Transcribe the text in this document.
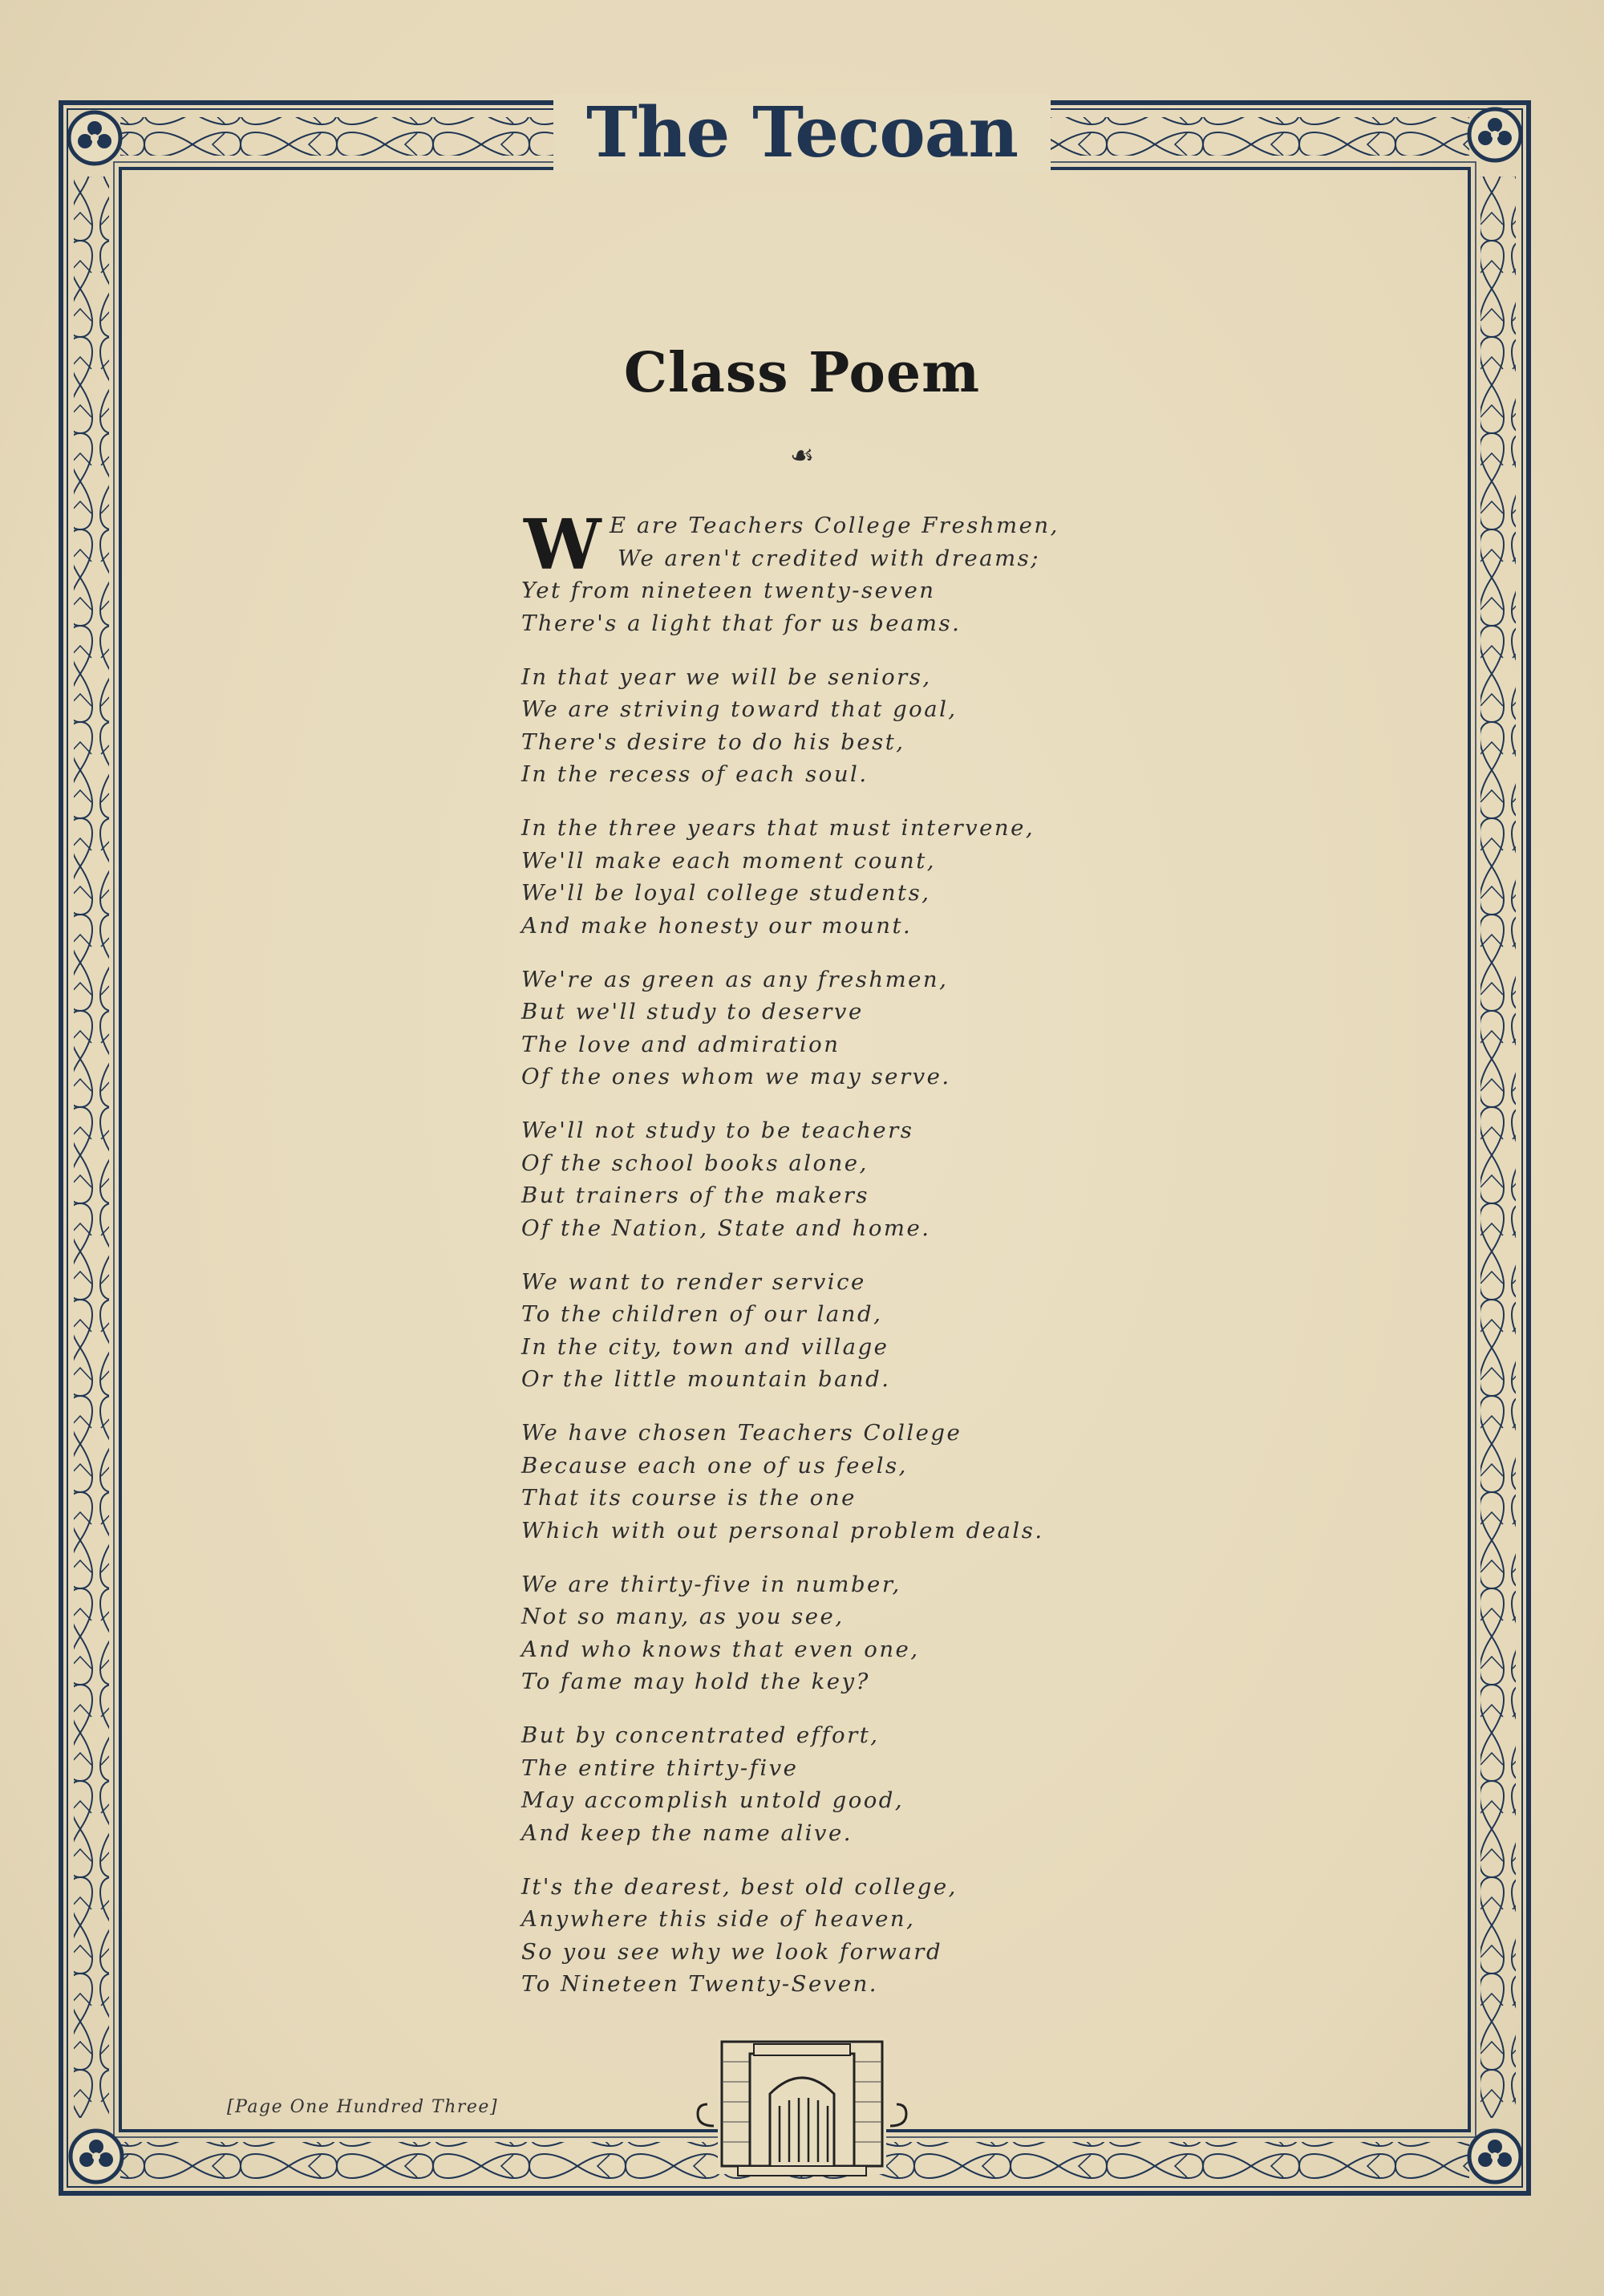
The Tecoan
Class Poem
☙
W E are Teachers College Freshmen,
We aren't credited with dreams;
Yet from nineteen twenty-seven
There's a light that for us beams.
In that year we will be seniors,
We are striving toward that goal,
There's desire to do his best,
In the recess of each soul.
In the three years that must intervene,
We'll make each moment count,
We'll be loyal college students,
And make honesty our mount.
We're as green as any freshmen,
But we'll study to deserve
The love and admiration
Of the ones whom we may serve.
We'll not study to be teachers
Of the school books alone,
But trainers of the makers
Of the Nation, State and home.
We want to render service
To the children of our land,
In the city, town and village
Or the little mountain band.
We have chosen Teachers College
Because each one of us feels,
That its course is the one
Which with out personal problem deals.
We are thirty-five in number,
Not so many, as you see,
And who knows that even one,
To fame may hold the key?
But by concentrated effort,
The entire thirty-five
May accomplish untold good,
And keep the name alive.
It's the dearest, best old college,
Anywhere this side of heaven,
So you see why we look forward
To Nineteen Twenty-Seven.
[Page One Hundred Three]
